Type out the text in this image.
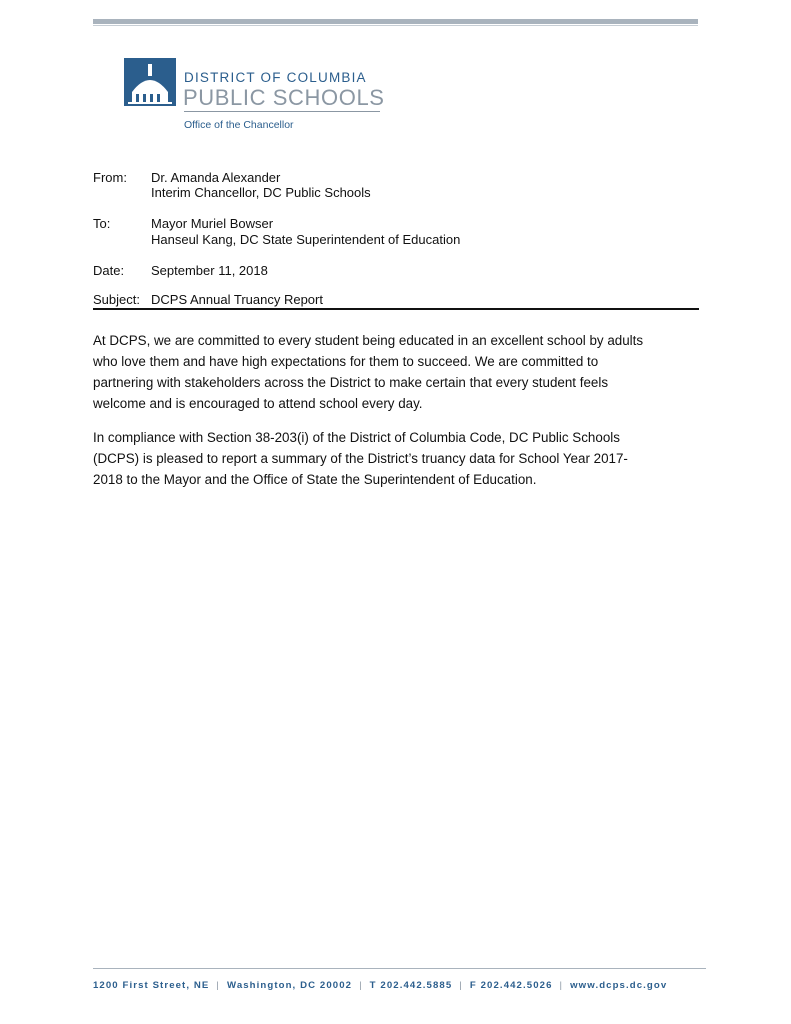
DISTRICT OF COLUMBIA
PUBLIC SCHOOLS
Office of the Chancellor
From: Dr. Amanda Alexander
Interim Chancellor, DC Public Schools
To:	Mayor Muriel Bowser
Hanseul Kang, DC State Superintendent of Education
Date: September 11, 2018
Subject: DCPS Annual Truancy Report
At DCPS, we are committed to every student being educated in an excellent school by adults
who love them and have high expectations for them to succeed. We are committed to
partnering with stakeholders across the District to make certain that every student feels
welcome and is encouraged to attend school every day.
In compliance with Section 38-203(i) of the District of Columbia Code, DC Public Schools
(DCPS) is pleased to report a summary of the District’s truancy data for School Year 2017-
2018 to the Mayor and the Office of State the Superintendent of Education.
1200 First Street, NE | Washington, DC 20002 | T 202.442.5885 | F 202.442.5026 | www.dcps.dc.gov
